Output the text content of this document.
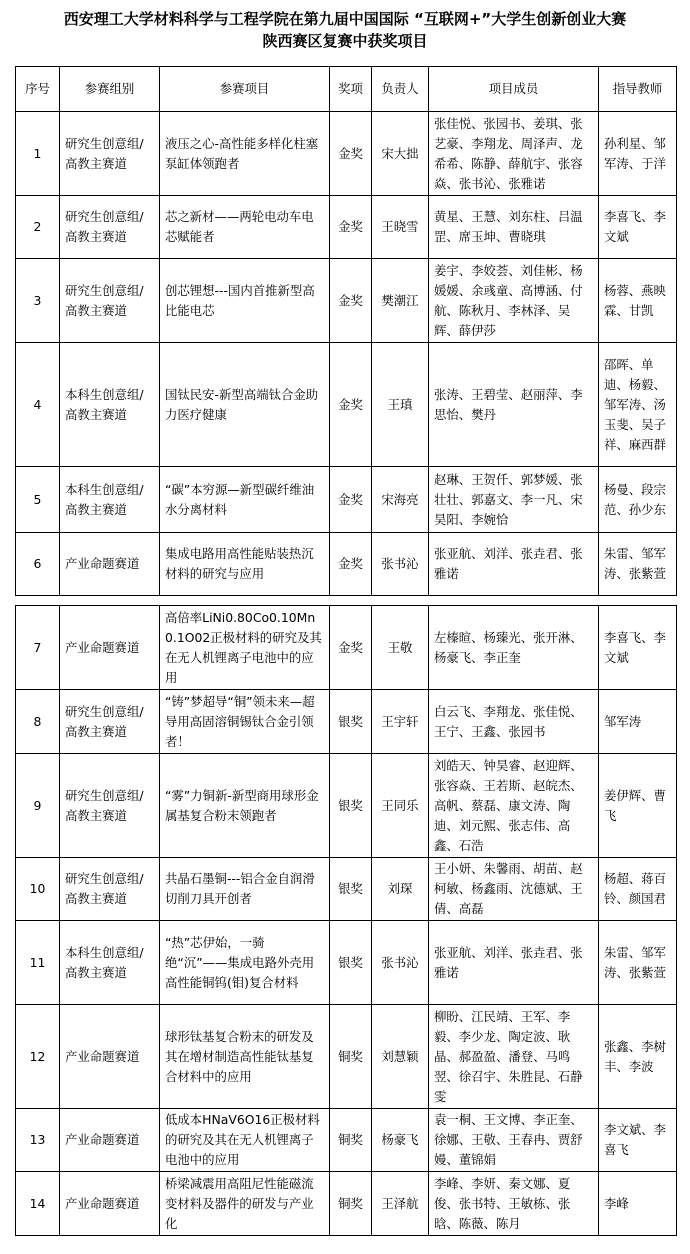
西安理工大学材料科学与工程学院在第九届中国国际 “互联网+”大学生创新创业大赛
陕西赛区复赛中获奖项目
序号	参赛组别	参赛项目	奖项	负责人	项目成员	指导教师
1	研究生创意组/高教主赛道	液压之心-高性能多样化柱塞泵缸体领跑者	金奖	宋大拙	张佳悦、张园书、姜琪、张艺豪、李翔龙、周泽声、龙希希、陈静、薛航宇、张容焱、张书沁、张雅诺	孙利星、邹军涛、于洋
2	研究生创意组/高教主赛道	芯之新材——两轮电动车电芯赋能者	金奖	王晓雪	黄星、王慧、刘东柱、吕温罡、席玉坤、曹晓琪	李喜飞、李文斌
3	研究生创意组/高教主赛道	创芯锂想---国内首推新型高比能电芯	金奖	樊潮江	姜宇、李姣荟、刘佳彬、杨媛媛、余彧童、高博涵、付航、陈秋月、李林泽、吴辉、薛伊莎	杨蓉、燕映霖、甘凯
4	本科生创意组/高教主赛道	国钛民安-新型高端钛合金助力医疗健康	金奖	王瑱	张涛、王碧莹、赵丽萍、李思怡、樊丹	邵晖、单迪、杨毅、邹军涛、汤玉斐、吴子祥、麻西群
5	本科生创意组/高教主赛道	“碳”本穷源—新型碳纤维油水分离材料	金奖	宋海亮	赵琳、王贺仟、郭梦媛、张壮壮、郭嘉文、李一凡、宋昊阳、李婉恰	杨曼、段宗范、孙少东
6	产业命题赛道	集成电路用高性能贴装热沉材料的研究与应用	金奖	张书沁	张亚航、刘洋、张垚君、张雅诺	朱雷、邹军涛、张紫萱
7	产业命题赛道	高倍率LiNi0.80Co0.10Mn0.1O02正极材料的研究及其在无人机锂离子电池中的应用	金奖	王敬	左榛暄、杨臻光、张开淋、杨豪飞、李正奎	李喜飞、李文斌
8	研究生创意组/高教主赛道	“铸”梦超导“铜”领未来—超导用高固溶铜锡钛合金引领者！	银奖	王宇轩	白云飞、李翔龙、张佳悦、王宁、王鑫、张园书	邹军涛
9	研究生创意组/高教主赛道	“雾”力铜新-新型商用球形金属基复合粉末领跑者	银奖	王同乐	刘皓天、钟昊睿、赵迎辉、张容焱、王若斯、赵皖杰、高帆、蔡磊、康文涛、陶迪、刘元熙、张志伟、高鑫、石浩	姜伊辉、曹飞
10	研究生创意组/高教主赛道	共晶石墨铜---铝合金自润滑切削刀具开创者	银奖	刘琛	王小妍、朱馨雨、胡苗、赵柯敏、杨鑫雨、沈德斌、王倩、高磊	杨超、蒋百铃、颜国君
11	本科生创意组/高教主赛道	“热”芯伊始，一骑绝“沉”——集成电路外壳用高性能铜钨(钼)复合材料	银奖	张书沁	张亚航、刘洋、张垚君、张雅诺	朱雷、邹军涛、张紫萱
12	产业命题赛道	球形钛基复合粉末的研发及其在增材制造高性能钛基复合材料中的应用	铜奖	刘慧颖	柳盼、江民靖、王军、李毅、李少龙、陶定波、耿晶、郝盈盈、潘登、马鸣翌、徐召宇、朱胜昆、石静雯	张鑫、李树丰、李波
13	产业命题赛道	低成本HNaV6O16正极材料的研究及其在无人机锂离子电池中的应用	铜奖	杨豪飞	袁一桐、王文博、李正奎、徐娜、王敬、王春冉、贾舒嫚、董锦娟	李文斌、李喜飞
14	产业命题赛道	桥梁减震用高阻尼性能磁流变材料及器件的研发与产业化	铜奖	王泽航	李峰、李妍、秦文娜、夏俊、张书特、王敏栋、张晗、陈薇、陈月	李峰
